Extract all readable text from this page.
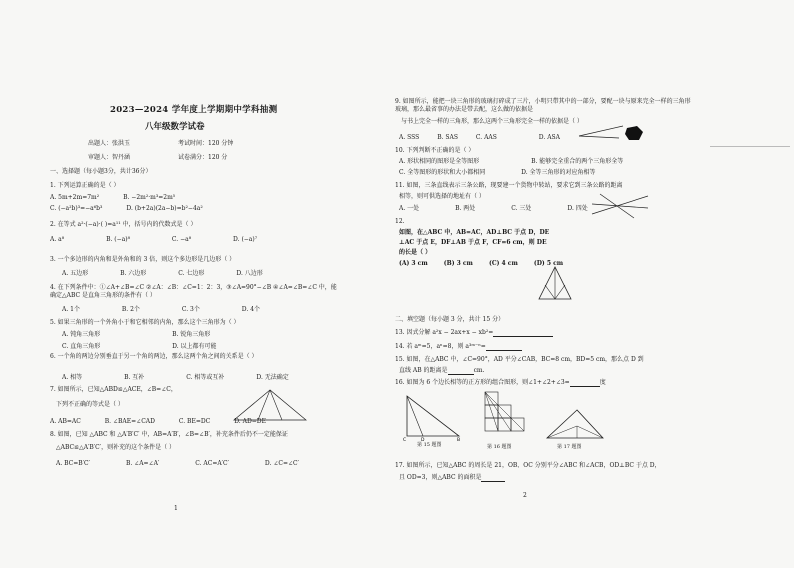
2023—2024 学年度上学期期中学科抽测
八年级数学试卷
出题人：张洪玉	考试时间：120 分钟
审题人：智丹涵	试卷满分：120 分
一、选择题（每小题3分，共计36分）
1. 下列运算正确的是（ ）
A. 5m+2m=7m²	B. −2m²·m³=2m⁵
C. (−a²b)³=−a⁶b³	D. (b+2a)(2a−b)=b²−4a²
2. 在等式 a²·(−a)·( )=a¹¹ 中，括号内的代数式是（ ）
A. a⁸	B. (−a)⁸	C. −a⁸	D. (−a)⁷
3. 一个多边形的内角和是外角和的 3 倍，则这个多边形是几边形（ ）
A. 五边形	B. 六边形	C. 七边形	D. 八边形
4. 在下列条件中：①∠A+∠B=∠C ②∠A：∠B：∠C=1：2：3，③∠A=90°−∠B ④∠A=∠B=∠C 中，能确定△ABC 是直角三角形的条件有（ ）
A. 1个	B. 2个	C. 3个	D. 4个
5. 如果三角形的一个外角小于和它相邻的内角，那么这个三角形为（ ）
A. 钝角三角形	B. 锐角三角形
C. 直角三角形	D. 以上都有可能
6. 一个角的两边分别垂直于另一个角的两边，那么这两个角之间的关系是（ ）
A. 相等	B. 互补	C. 相等或互补	D. 无法确定
7. 如图所示，已知△ABD≌△ACE，∠B=∠C，
下列不正确的等式是（ ）
A. AB=AC	B. ∠BAE=∠CAD	C. BE=DC	D. AD=DE
8. 如图，已知 △ABC 和 △A′B′C′ 中，AB=A′B′，∠B=∠B′，补充条件后仍不一定能保证
△ABC≌△A′B′C′，则补充的这个条件是（ ）
A. BC=B′C′	B. ∠A=∠A′	C. AC=A′C′	D. ∠C=∠C′
1
9. 如图所示，能把一块三角形的玻璃打碎成了三片，小明只带其中的一部分，要配一块与原来完全一样的三角形玻璃，那么最省事的办法是带去配，这么做的依据是
与书上完全一样的三角形，那么这两个三角形完全一样的依据是（ ）
A. SSS	B. SAS	C. AAS	D. ASA
10. 下列判断不正确的是（ ）
A. 形状相同的图形是全等图形	B. 能够完全重合的两个三角形全等
C. 全等图形的形状和大小都相同	D. 全等三角形的对应角相等
11. 如图，三条直线表示三条公路，现要建一个货物中转站，要求它到三条公路的距离
相等，则可供选择的地址有（ ）
A. 一处	B. 两处	C. 三处	D. 四处
12.
如图，在△ABC 中，AB=AC，AD⊥BC 于点 D，DE
⊥AC 于点 E，DF⊥AB 于点 F，CF=6 cm，则 DE
的长是（ ）
(A) 3 cm	(B) 3 cm	(C) 4 cm	(D) 5 cm
二、填空题（每小题 3 分，共计 15 分）
13. 因式分解 a²x − 2ax+x − xb²=
14. 若 aᵐ=5，aⁿ=8，则 a³ᵐ⁻ⁿ=
15. 如图，在△ABC 中，∠C=90°，AD 平分∠CAB，BC=8 cm，BD=5 cm，那么点 D 到
直线 AB 的距离是	cm.
16. 如图为 6 个边长相等的正方形的组合图形，则∠1+∠2+∠3=	度
C	D	B
第 15 题图	第 16 题图	第 17 题图
17. 如图所示，已知△ABC 的周长是 21，OB、OC 分别平分∠ABC 和∠ACB，OD⊥BC 于点 D，
且 OD=3，则△ABC 的面积是
2
